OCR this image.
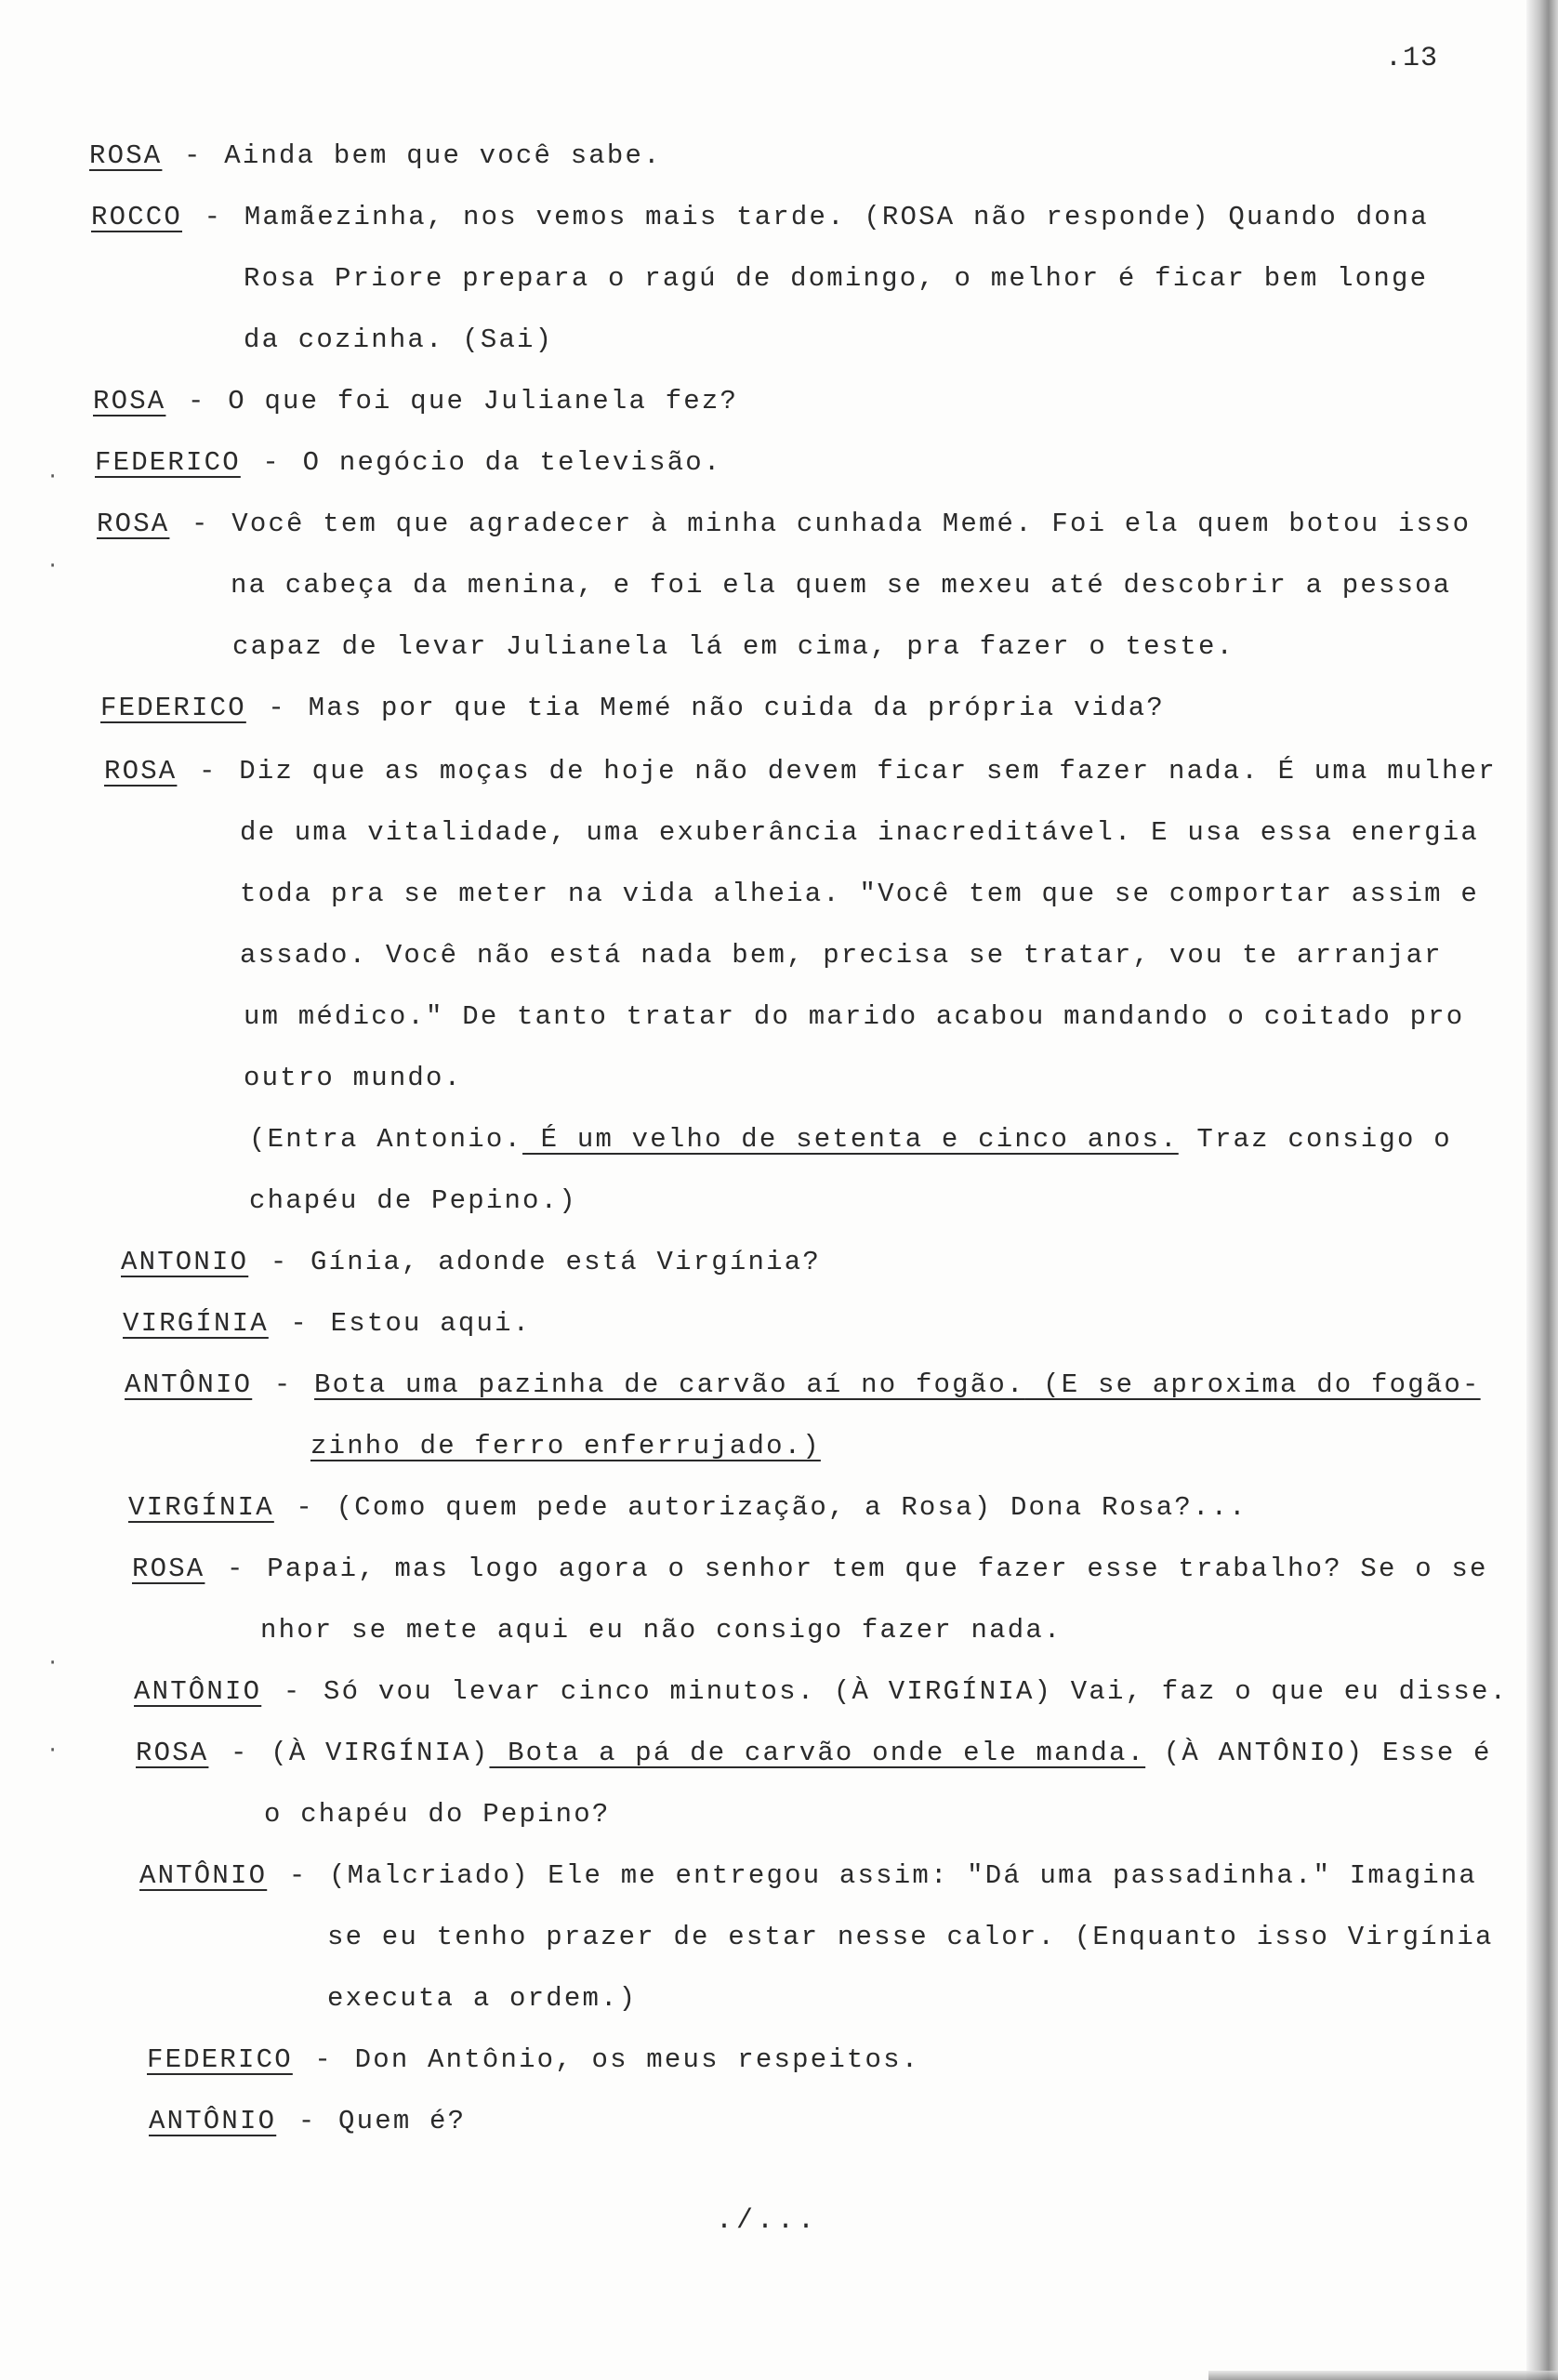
.13
ROSA - Ainda bem que você sabe.
ROCCO - Mamãezinha, nos vemos mais tarde. (ROSA não responde) Quando dona
Rosa Priore prepara o ragú de domingo, o melhor é ficar bem longe
da cozinha. (Sai)
ROSA - O que foi que Julianela fez?
FEDERICO - O negócio da televisão.
ROSA - Você tem que agradecer à minha cunhada Memé. Foi ela quem botou isso
na cabeça da menina, e foi ela quem se mexeu até descobrir a pessoa
capaz de levar Julianela lá em cima, pra fazer o teste.
FEDERICO - Mas por que tia Memé não cuida da própria vida?
ROSA - Diz que as moças de hoje não devem ficar sem fazer nada. É uma mulher
de uma vitalidade, uma exuberância inacreditável. E usa essa energia
toda pra se meter na vida alheia. "Você tem que se comportar assim e
assado. Você não está nada bem, precisa se tratar, vou te arranjar
um médico." De tanto tratar do marido acabou mandando o coitado pro
outro mundo.
(Entra Antonio. É um velho de setenta e cinco anos. Traz consigo o
chapéu de Pepino.)
ANTONIO - Gínia, adonde está Virgínia?
VIRGÍNIA - Estou aqui.
ANTÔNIO - Bota uma pazinha de carvão aí no fogão. (E se aproxima do fogão-
zinho de ferro enferrujado.)
VIRGÍNIA - (Como quem pede autorização, a Rosa) Dona Rosa?...
ROSA - Papai, mas logo agora o senhor tem que fazer esse trabalho? Se o se
nhor se mete aqui eu não consigo fazer nada.
ANTÔNIO - Só vou levar cinco minutos. (À VIRGÍNIA) Vai, faz o que eu disse.
ROSA - (À VIRGÍNIA) Bota a pá de carvão onde ele manda. (À ANTÔNIO) Esse é
o chapéu do Pepino?
ANTÔNIO - (Malcriado) Ele me entregou assim: "Dá uma passadinha." Imagina
se eu tenho prazer de estar nesse calor. (Enquanto isso Virgínia
executa a ordem.)
FEDERICO - Don Antônio, os meus respeitos.
ANTÔNIO - Quem é?
./...
·
·
·
·
